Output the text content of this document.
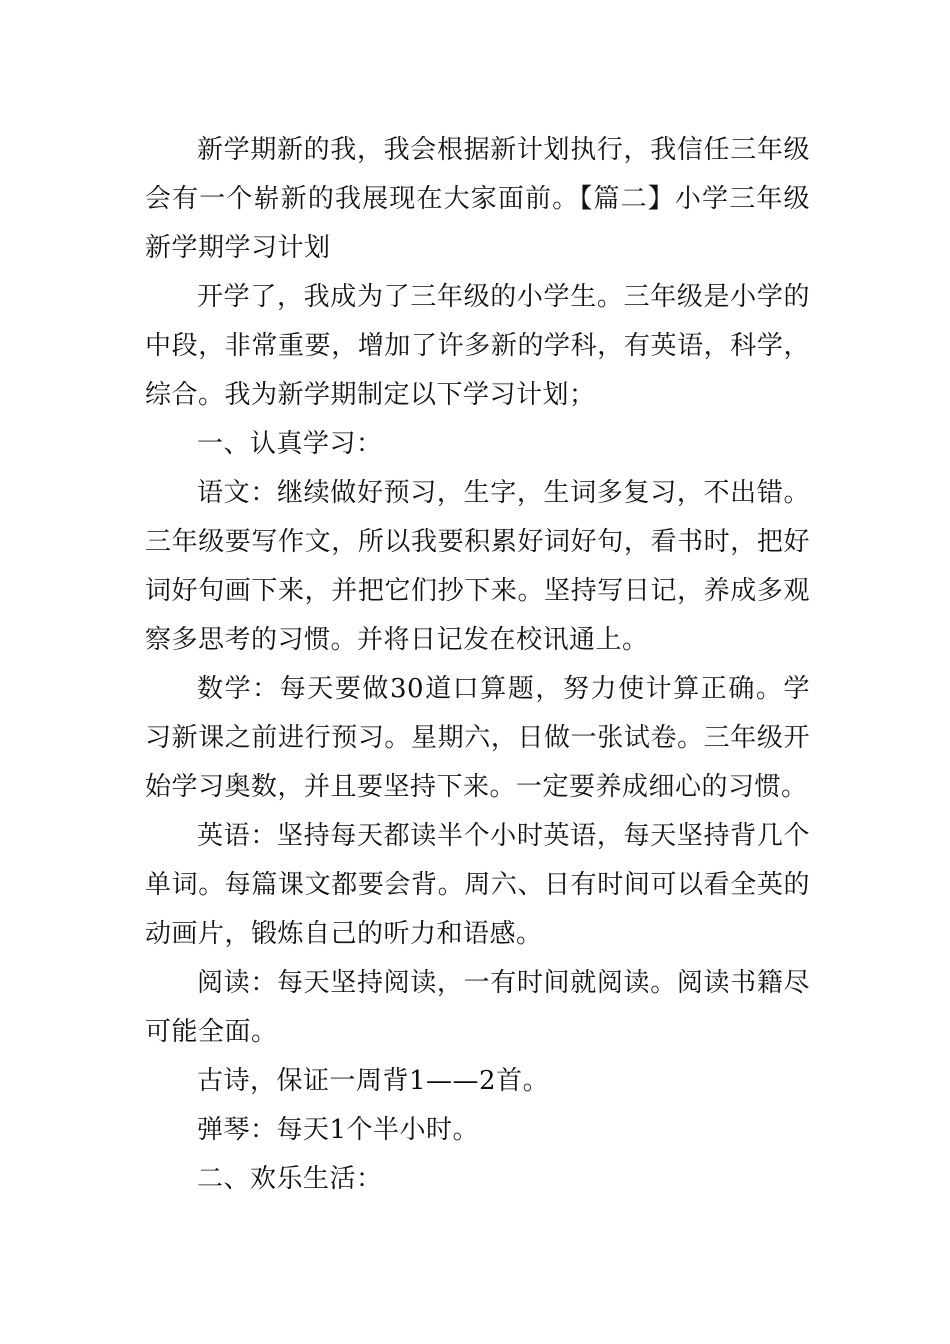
新学期新的我，我会根据新计划执行，我信任三年级会有一个崭新的我展现在大家面前。【篇二】小学三年级新学期学习计划

开学了，我成为了三年级的小学生。三年级是小学的中段，非常重要，增加了许多新的学科，有英语，科学，综合。我为新学期制定以下学习计划；

一、认真学习：

语文：继续做好预习，生字，生词多复习，不出错。三年级要写作文，所以我要积累好词好句，看书时，把好词好句画下来，并把它们抄下来。坚持写日记，养成多观察多思考的习惯。并将日记发在校讯通上。

数学：每天要做30道口算题，努力使计算正确。学习新课之前进行预习。星期六，日做一张试卷。三年级开始学习奥数，并且要坚持下来。一定要养成细心的习惯。

英语：坚持每天都读半个小时英语，每天坚持背几个单词。每篇课文都要会背。周六、日有时间可以看全英的动画片，锻炼自己的听力和语感。

阅读：每天坚持阅读，一有时间就阅读。阅读书籍尽可能全面。

古诗，保证一周背1——2首。

弹琴：每天1个半小时。

二、欢乐生活：
